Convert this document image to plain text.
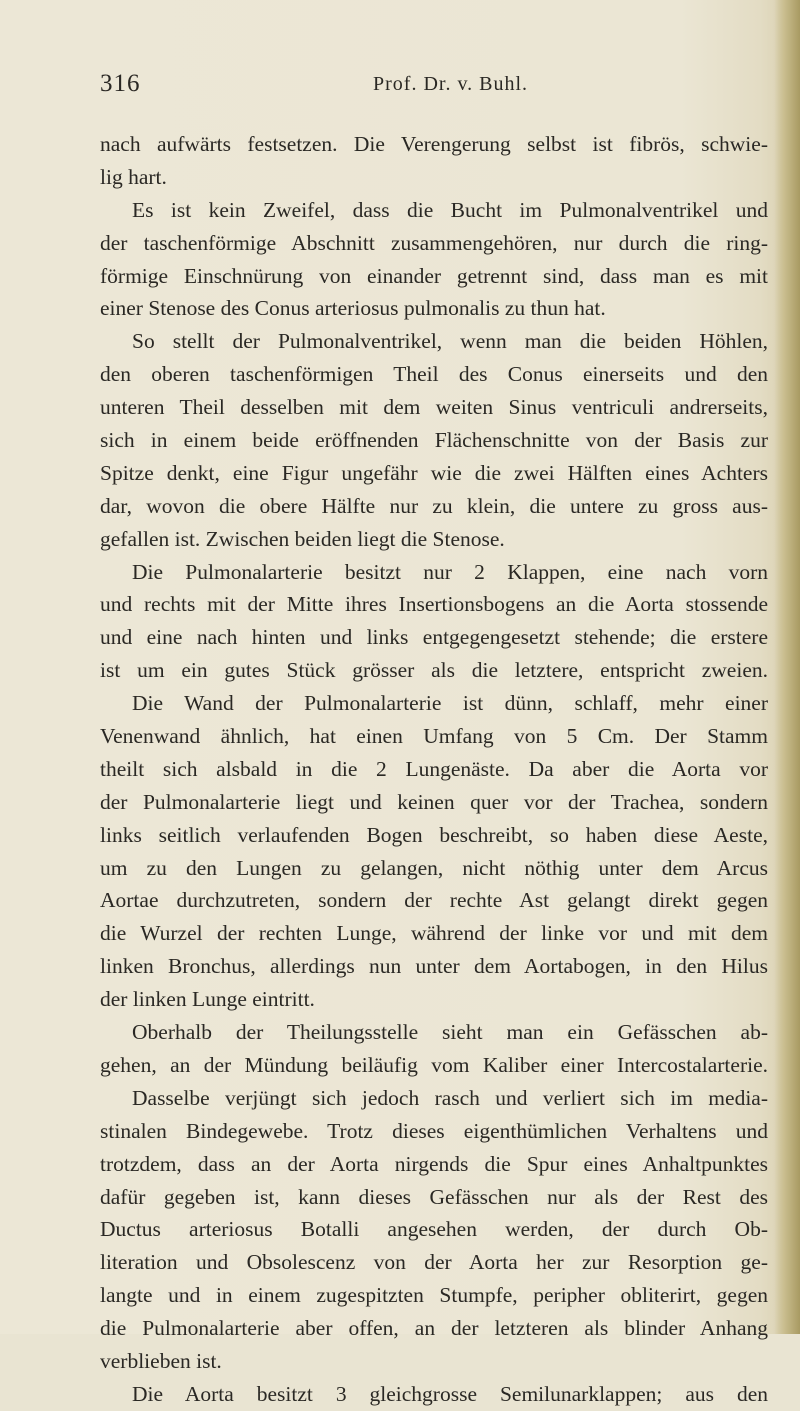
316	Prof. Dr. v. Buhl.
nach aufwärts festsetzen. Die Verengerung selbst ist fibrös, schwie-
lig hart.
Es ist kein Zweifel, dass die Bucht im Pulmonalventrikel und
der taschenförmige Abschnitt zusammengehören, nur durch die ring-
förmige Einschnürung von einander getrennt sind, dass man es mit
einer Stenose des Conus arteriosus pulmonalis zu thun hat.
So stellt der Pulmonalventrikel, wenn man die beiden Höhlen,
den oberen taschenförmigen Theil des Conus einerseits und den
unteren Theil desselben mit dem weiten Sinus ventriculi andrerseits,
sich in einem beide eröffnenden Flächenschnitte von der Basis zur
Spitze denkt, eine Figur ungefähr wie die zwei Hälften eines Achters
dar, wovon die obere Hälfte nur zu klein, die untere zu gross aus-
gefallen ist. Zwischen beiden liegt die Stenose.
Die Pulmonalarterie besitzt nur 2 Klappen, eine nach vorn
und rechts mit der Mitte ihres Insertionsbogens an die Aorta stossende
und eine nach hinten und links entgegengesetzt stehende; die erstere
ist um ein gutes Stück grösser als die letztere, entspricht zweien.
Die Wand der Pulmonalarterie ist dünn, schlaff, mehr einer
Venenwand ähnlich, hat einen Umfang von 5 Cm. Der Stamm
theilt sich alsbald in die 2 Lungenäste. Da aber die Aorta vor
der Pulmonalarterie liegt und keinen quer vor der Trachea, sondern
links seitlich verlaufenden Bogen beschreibt, so haben diese Aeste,
um zu den Lungen zu gelangen, nicht nöthig unter dem Arcus
Aortae durchzutreten, sondern der rechte Ast gelangt direkt gegen
die Wurzel der rechten Lunge, während der linke vor und mit dem
linken Bronchus, allerdings nun unter dem Aortabogen, in den Hilus
der linken Lunge eintritt.
Oberhalb der Theilungsstelle sieht man ein Gefässchen ab-
gehen, an der Mündung beiläufig vom Kaliber einer Intercostalarterie.
Dasselbe verjüngt sich jedoch rasch und verliert sich im media-
stinalen Bindegewebe. Trotz dieses eigenthümlichen Verhaltens und
trotzdem, dass an der Aorta nirgends die Spur eines Anhaltpunktes
dafür gegeben ist, kann dieses Gefässchen nur als der Rest des
Ductus arteriosus Botalli angesehen werden, der durch Ob-
literation und Obsolescenz von der Aorta her zur Resorption ge-
langte und in einem zugespitzten Stumpfe, peripher obliterirt, gegen
die Pulmonalarterie aber offen, an der letzteren als blinder Anhang
verblieben ist.
Die Aorta besitzt 3 gleichgrosse Semilunarklappen; aus den
